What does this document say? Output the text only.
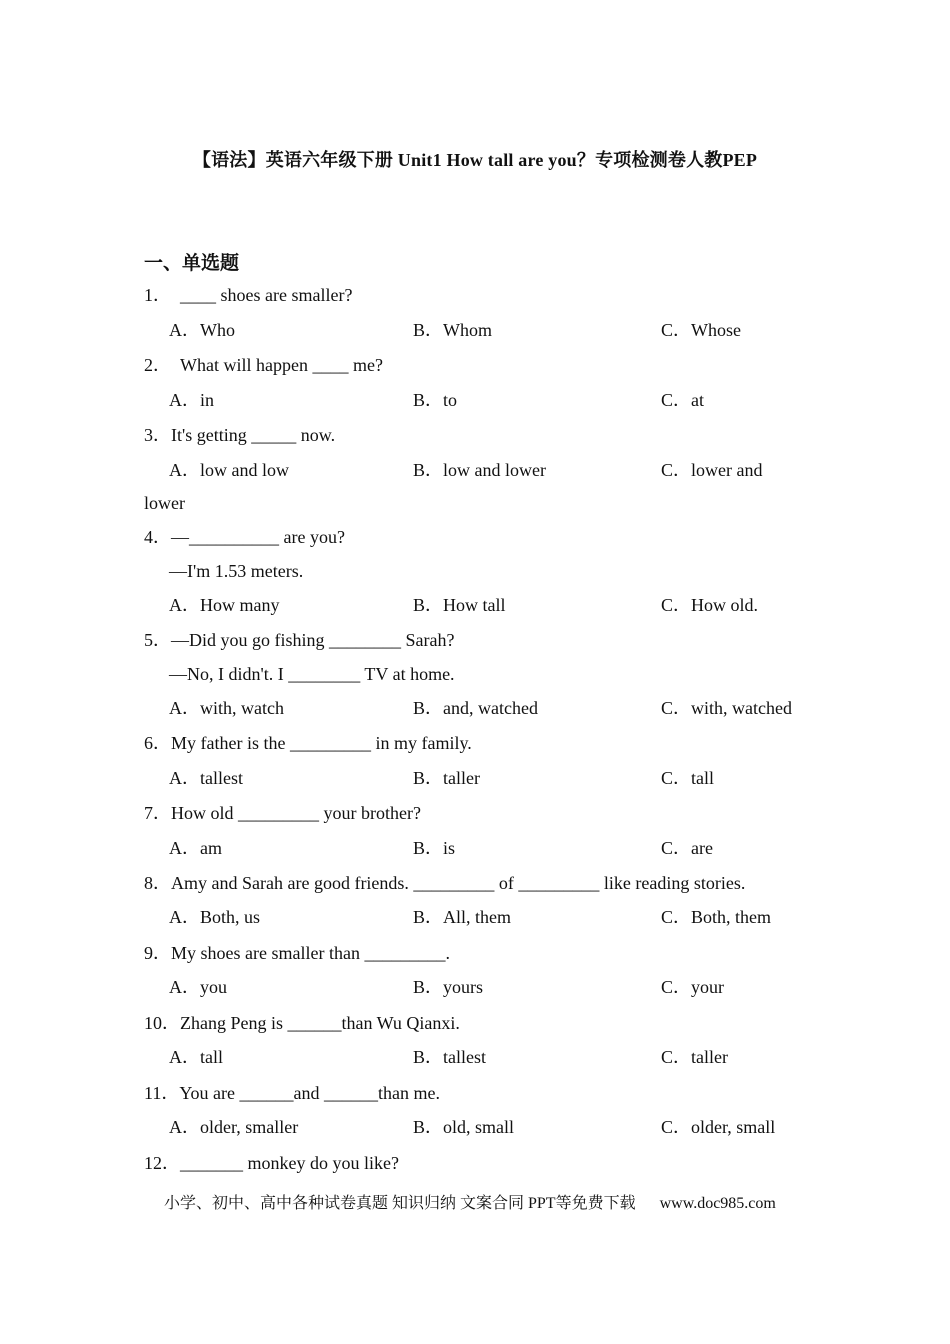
【语法】英语六年级下册 Unit1 How tall are you？专项检测卷人教PEP
一、单选题
1．　____ shoes are smaller?
A．Who	B．Whom	C．Whose
2．　What will happen ____ me?
A．in	B．to	C．at
3．It's getting _____ now.
A．low and low	B．low and lower	C．lower and
lower
4．—__________ are you?
—I'm 1.53 meters.
A．How many	B．How tall	C．How old.
5．—Did you go fishing ________ Sarah?
—No, I didn't. I ________ TV at home.
A．with, watch	B．and, watched	C．with, watched
6．My father is the _________ in my family.
A．tallest	B．taller	C．tall
7．How old _________ your brother?
A．am	B．is	C．are
8．Amy and Sarah are good friends. _________ of _________ like reading stories.
A．Both, us	B．All, them	C．Both, them
9．My shoes are smaller than _________.
A．you	B．yours	C．your
10．Zhang Peng is ______than Wu Qianxi.
A．tall	B．tallest	C．taller
11．You are ______and ______than me.
A．older, smaller	B．old, small	C．older, small
12．_______ monkey do you like?
小学、初中、高中各种试卷真题 知识归纳 文案合同 PPT等免费下载 www.doc985.com
